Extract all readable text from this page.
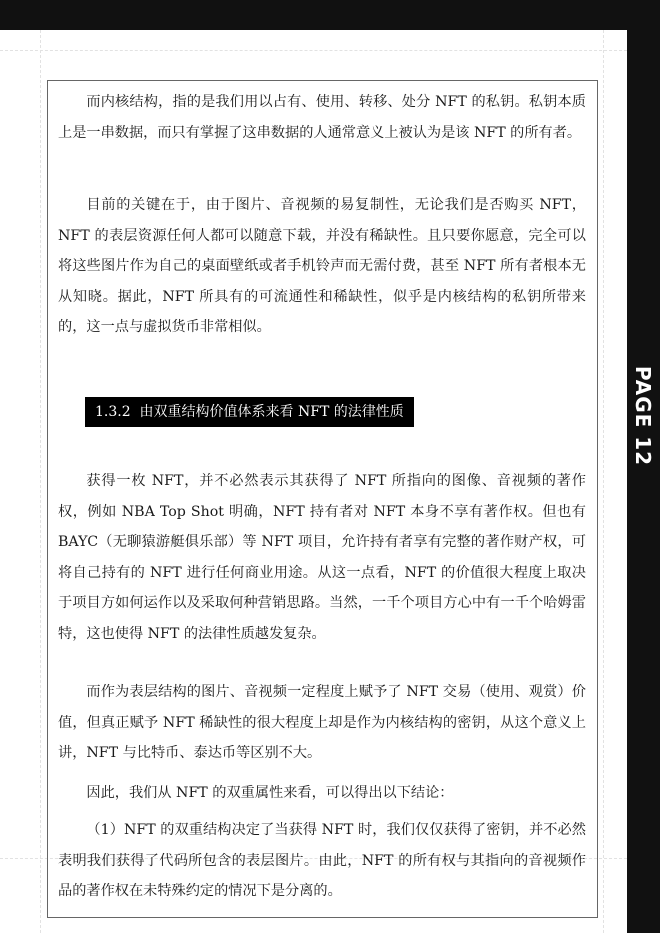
PAGE 12

而内核结构，指的是我们用以占有、使用、转移、处分 NFT 的私钥。私钥本质上是一串数据，而只有掌握了这串数据的人通常意义上被认为是该 NFT 的所有者。

目前的关键在于，由于图片、音视频的易复制性，无论我们是否购买 NFT，NFT 的表层资源任何人都可以随意下载，并没有稀缺性。且只要你愿意，完全可以将这些图片作为自己的桌面壁纸或者手机铃声而无需付费，甚至 NFT 所有者根本无从知晓。据此，NFT 所具有的可流通性和稀缺性，似乎是内核结构的私钥所带来的，这一点与虚拟货币非常相似。

1.3.2 由双重结构价值体系来看 NFT 的法律性质

获得一枚 NFT，并不必然表示其获得了 NFT 所指向的图像、音视频的著作权，例如 NBA Top Shot 明确，NFT 持有者对 NFT 本身不享有著作权。但也有 BAYC（无聊猿游艇俱乐部）等 NFT 项目，允许持有者享有完整的著作财产权，可将自己持有的 NFT 进行任何商业用途。从这一点看，NFT 的价值很大程度上取决于项目方如何运作以及采取何种营销思路。当然，一千个项目方心中有一千个哈姆雷特，这也使得 NFT 的法律性质越发复杂。

而作为表层结构的图片、音视频一定程度上赋予了 NFT 交易（使用、观赏）价值，但真正赋予 NFT 稀缺性的很大程度上却是作为内核结构的密钥，从这个意义上讲，NFT 与比特币、泰达币等区别不大。

因此，我们从 NFT 的双重属性来看，可以得出以下结论：

（1）NFT 的双重结构决定了当获得 NFT 时，我们仅仅获得了密钥，并不必然表明我们获得了代码所包含的表层图片。由此，NFT 的所有权与其指向的音视频作品的著作权在未特殊约定的情况下是分离的。
